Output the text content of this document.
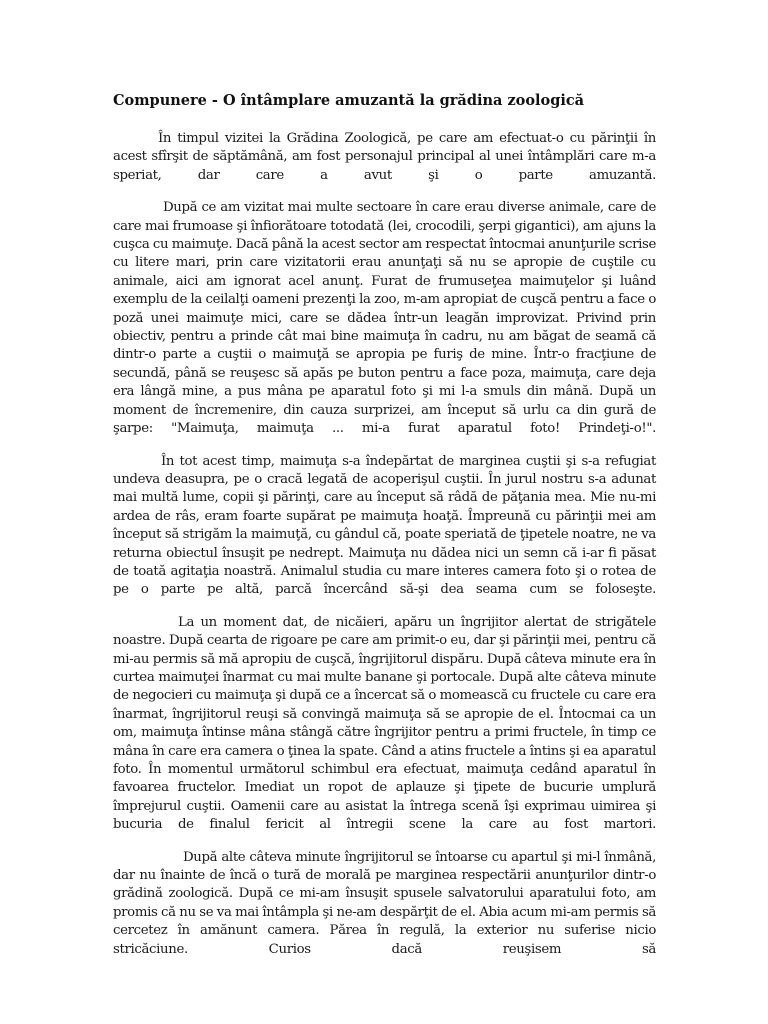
Compunere - O întâmplare amuzantă la grădina zoologică

În timpul vizitei la Grădina Zoologică, pe care am efectuat-o cu părinţii în acest sfîrşit de săptămână, am fost personajul principal al unei întâmplări care m-a speriat, dar care a avut şi o parte amuzantă.

După ce am vizitat mai multe sectoare în care erau diverse animale, care de care mai frumoase şi înfiorătoare totodată (lei, crocodili, şerpi gigantici), am ajuns la cuşca cu maimuţe. Dacă până la acest sector am respectat întocmai anunţurile scrise cu litere mari, prin care vizitatorii erau anunţaţi să nu se apropie de cuştile cu animale, aici am ignorat acel anunţ. Furat de frumuseţea maimuţelor şi luând exemplu de la ceilalţi oameni prezenţi la zoo, m-am apropiat de cuşcă pentru a face o poză unei maimuţe mici, care se dădea într-un leagăn improvizat. Privind prin obiectiv, pentru a prinde cât mai bine maimuţa în cadru, nu am băgat de seamă că dintr-o parte a cuştii o maimuţă se apropia pe furiş de mine. Într-o fracţiune de secundă, până se reuşesc să apăs pe buton pentru a face poza, maimuţa, care deja era lângă mine, a pus mâna pe aparatul foto şi mi l-a smuls din mână. După un moment de încremenire, din cauza surprizei, am început să urlu ca din gură de şarpe: "Maimuţa, maimuţa ... mi-a furat aparatul foto! Prindeţi-o!".

În tot acest timp, maimuţa s-a îndepărtat de marginea cuştii şi s-a refugiat undeva deasupra, pe o cracă legată de acoperişul cuştii. În jurul nostru s-a adunat mai multă lume, copii şi părinţi, care au început să râdă de păţania mea. Mie nu-mi ardea de râs, eram foarte supărat pe maimuţa hoaţă. Împreună cu părinţii mei am început să strigăm la maimuţă, cu gândul că, poate speriată de ţipetele noatre, ne va returna obiectul însuşit pe nedrept. Maimuţa nu dădea nici un semn că i-ar fi păsat de toată agitaţia noastră. Animalul studia cu mare interes camera foto şi o rotea de pe o parte pe altă, parcă încercând să-şi dea seama cum se foloseşte.

La un moment dat, de nicăieri, apăru un îngrijitor alertat de strigătele noastre. După cearta de rigoare pe care am primit-o eu, dar şi părinţii mei, pentru că mi-au permis să mă apropiu de cuşcă, îngrijitorul dispăru. După câteva minute era în curtea maimuţei înarmat cu mai multe banane şi portocale. După alte câteva minute de negocieri cu maimuţa şi după ce a încercat să o momească cu fructele cu care era înarmat, îngrijitorul reuşi să convingă maimuţa să se apropie de el. Întocmai ca un om, maimuţa întinse mâna stângă către îngrijitor pentru a primi fructele, în timp ce mâna în care era camera o ţinea la spate. Când a atins fructele a întins şi ea aparatul foto. În momentul următorul schimbul era efectuat, maimuţa cedând aparatul în favoarea fructelor. Imediat un ropot de aplauze şi ţipete de bucurie umplură împrejurul cuştii. Oamenii care au asistat la întrega scenă îşi exprimau uimirea şi bucuria de finalul fericit al întregii scene la care au fost martori.

După alte câteva minute îngrijitorul se întoarse cu apartul şi mi-l înmână, dar nu înainte de încă o tură de morală pe marginea respectării anunţurilor dintr-o grădină zoologică. După ce mi-am însuşit spusele salvatorului aparatului foto, am promis că nu se va mai întâmpla şi ne-am despărţit de el. Abia acum mi-am permis să cercetez în amănunt camera. Părea în regulă, la exterior nu suferise nicio stricăciune. Curios dacă reuşisem să
